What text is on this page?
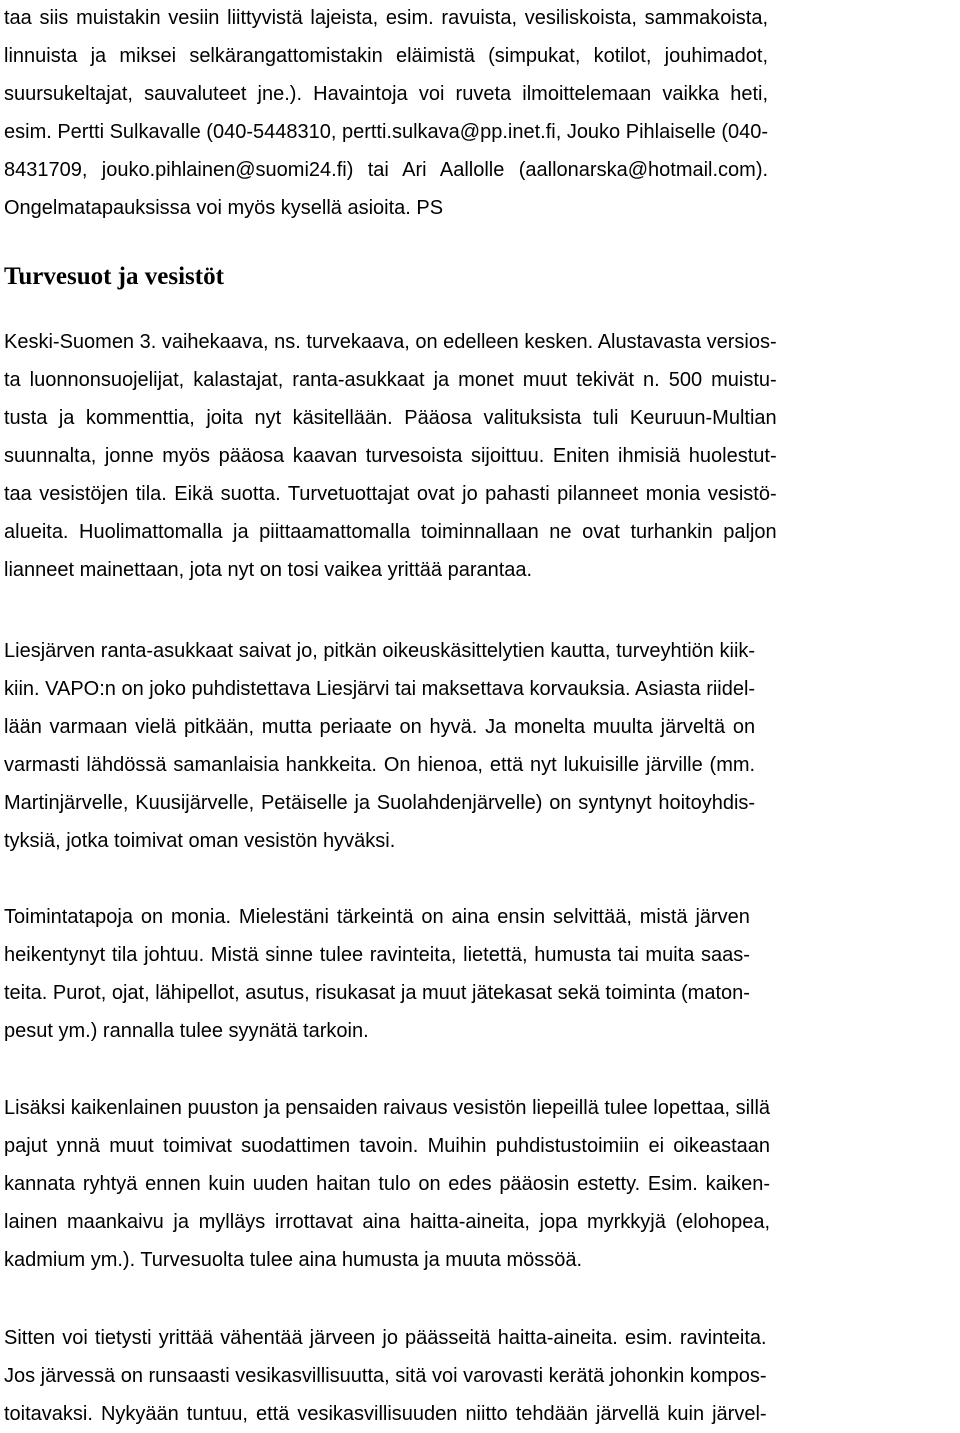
taa siis muistakin vesiin liittyvistä lajeista, esim. ravuista, vesiliskoista, sammakoista,
linnuista ja miksei selkärangattomistakin eläimistä (simpukat, kotilot, jouhimadot,
suursukeltajat, sauvaluteet jne.). Havaintoja voi ruveta ilmoittelemaan vaikka heti,
esim. Pertti Sulkavalle (040-5448310, pertti.sulkava@pp.inet.fi, Jouko Pihlaiselle (040-
8431709, jouko.pihlainen@suomi24.fi) tai Ari Aallolle (aallonarska@hotmail.com).
Ongelmatapauksissa voi myös kysellä asioita. PS

Turvesuot ja vesistöt

Keski-Suomen 3. vaihekaava, ns. turvekaava, on edelleen kesken. Alustavasta versios-
ta luonnonsuojelijat, kalastajat, ranta-asukkaat ja monet muut tekivät n. 500 muistu-
tusta ja kommenttia, joita nyt käsitellään. Pääosa valituksista tuli Keuruun-Multian
suunnalta, jonne myös pääosa kaavan turvesoista sijoittuu. Eniten ihmisiä huolestut-
taa vesistöjen tila. Eikä suotta. Turvetuottajat ovat jo pahasti pilanneet monia vesistö-
alueita. Huolimattomalla ja piittaamattomalla toiminnallaan ne ovat turhankin paljon
lianneet mainettaan, jota nyt on tosi vaikea yrittää parantaa.

Liesjärven ranta-asukkaat saivat jo, pitkän oikeuskäsittelytien kautta, turveyhtiön kiik-
kiin. VAPO:n on joko puhdistettava Liesjärvi tai maksettava korvauksia. Asiasta riidel-
lään varmaan vielä pitkään, mutta periaate on hyvä. Ja monelta muulta järveltä on
varmasti lähdössä samanlaisia hankkeita. On hienoa, että nyt lukuisille järville (mm.
Martinjärvelle, Kuusijärvelle, Petäiselle ja Suolahdenjärvelle) on syntynyt hoitoyhdis-
tyksiä, jotka toimivat oman vesistön hyväksi.

Toimintatapoja on monia. Mielestäni tärkeintä on aina ensin selvittää, mistä järven
heikentynyt tila johtuu. Mistä sinne tulee ravinteita, lietettä, humusta tai muita saas-
teita. Purot, ojat, lähipellot, asutus, risukasat ja muut jätekasat sekä toiminta (maton-
pesut ym.) rannalla tulee syynätä tarkoin.

Lisäksi kaikenlainen puuston ja pensaiden raivaus vesistön liepeillä tulee lopettaa, sillä
pajut ynnä muut toimivat suodattimen tavoin. Muihin puhdistustoimiin ei oikeastaan
kannata ryhtyä ennen kuin uuden haitan tulo on edes pääosin estetty. Esim. kaiken-
lainen maankaivu ja mylläys irrottavat aina haitta-aineita, jopa myrkkyjä (elohopea,
kadmium ym.). Turvesuolta tulee aina humusta ja muuta mössöä.

Sitten voi tietysti yrittää vähentää järveen jo päässeitä haitta-aineita. esim. ravinteita.
Jos järvessä on runsaasti vesikasvillisuutta, sitä voi varovasti kerätä johonkin kompos-
toitavaksi. Nykyään tuntuu, että vesikasvillisuuden niitto tehdään järvellä kuin järvel-
